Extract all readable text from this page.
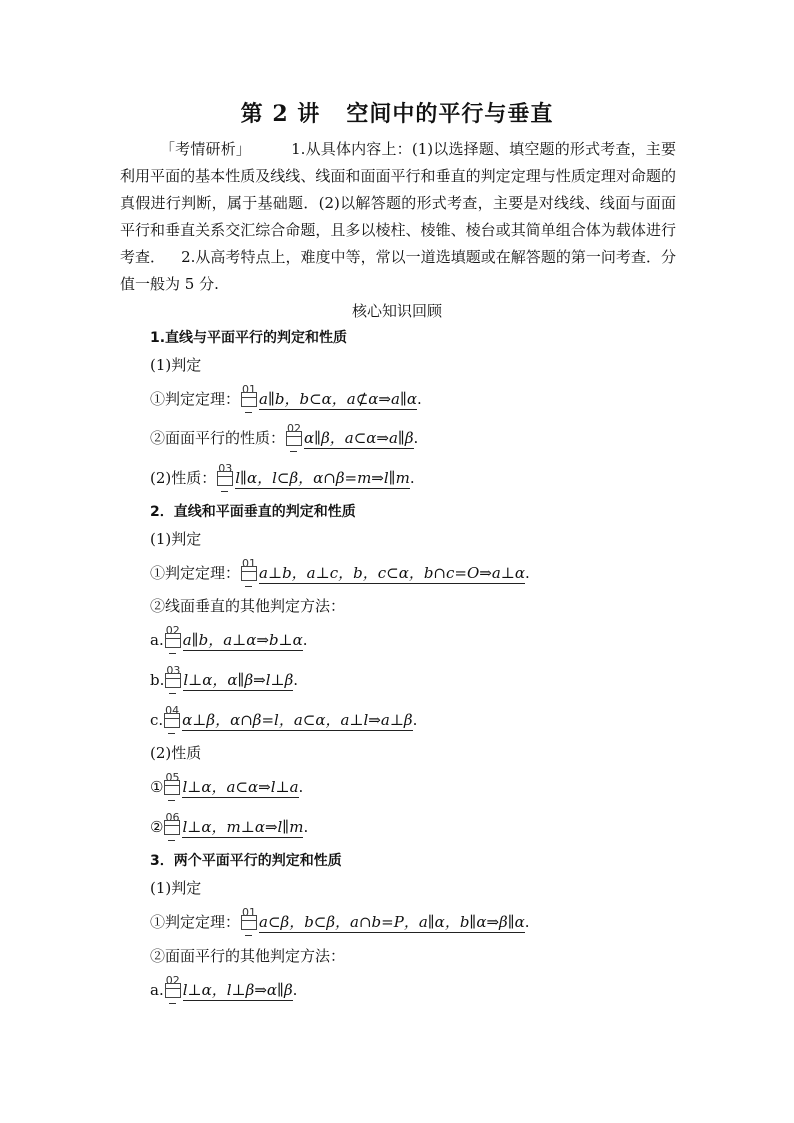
第 2 讲 空间中的平行与垂直
「考情研析」	1.从具体内容上：(1)以选择题、填空题的形式考查，主要利用平面的基本性质及线线、线面和面面平行和垂直的判定定理与性质定理对命题的真假进行判断，属于基础题．(2)以解答题的形式考查，主要是对线线、线面与面面平行和垂直关系交汇综合命题，且多以棱柱、棱锥、棱台或其简单组合体为载体进行考查． 2.从高考特点上，难度中等，常以一道选填题或在解答题的第一问考查．分值一般为 5 分.
核心知识回顾
1.直线与平面平行的判定和性质
(1)判定
①判定定理：
01
a∥b，b⊂α，a⊄α⇒a∥α.
②面面平行的性质：
02
α∥β，a⊂α⇒a∥β.
(2)性质：
03
l∥α，l⊂β，α∩β=m⇒l∥m.
2．直线和平面垂直的判定和性质
(1)判定
①判定定理：
01
a⊥b，a⊥c，b，c⊂α，b∩c=O⇒a⊥α.
②线面垂直的其他判定方法：
a.
02
a∥b，a⊥α⇒b⊥α.
b.
03
l⊥α，α∥β⇒l⊥β.
c.
04
α⊥β，α∩β=l，a⊂α，a⊥l⇒a⊥β.
(2)性质
①
05
l⊥α，a⊂α⇒l⊥a.
②
06
l⊥α，m⊥α⇒l∥m.
3．两个平面平行的判定和性质
(1)判定
①判定定理：
01
a⊂β，b⊂β，a∩b=P，a∥α，b∥α⇒β∥α.
②面面平行的其他判定方法：
a.
02
l⊥α，l⊥β⇒α∥β.
